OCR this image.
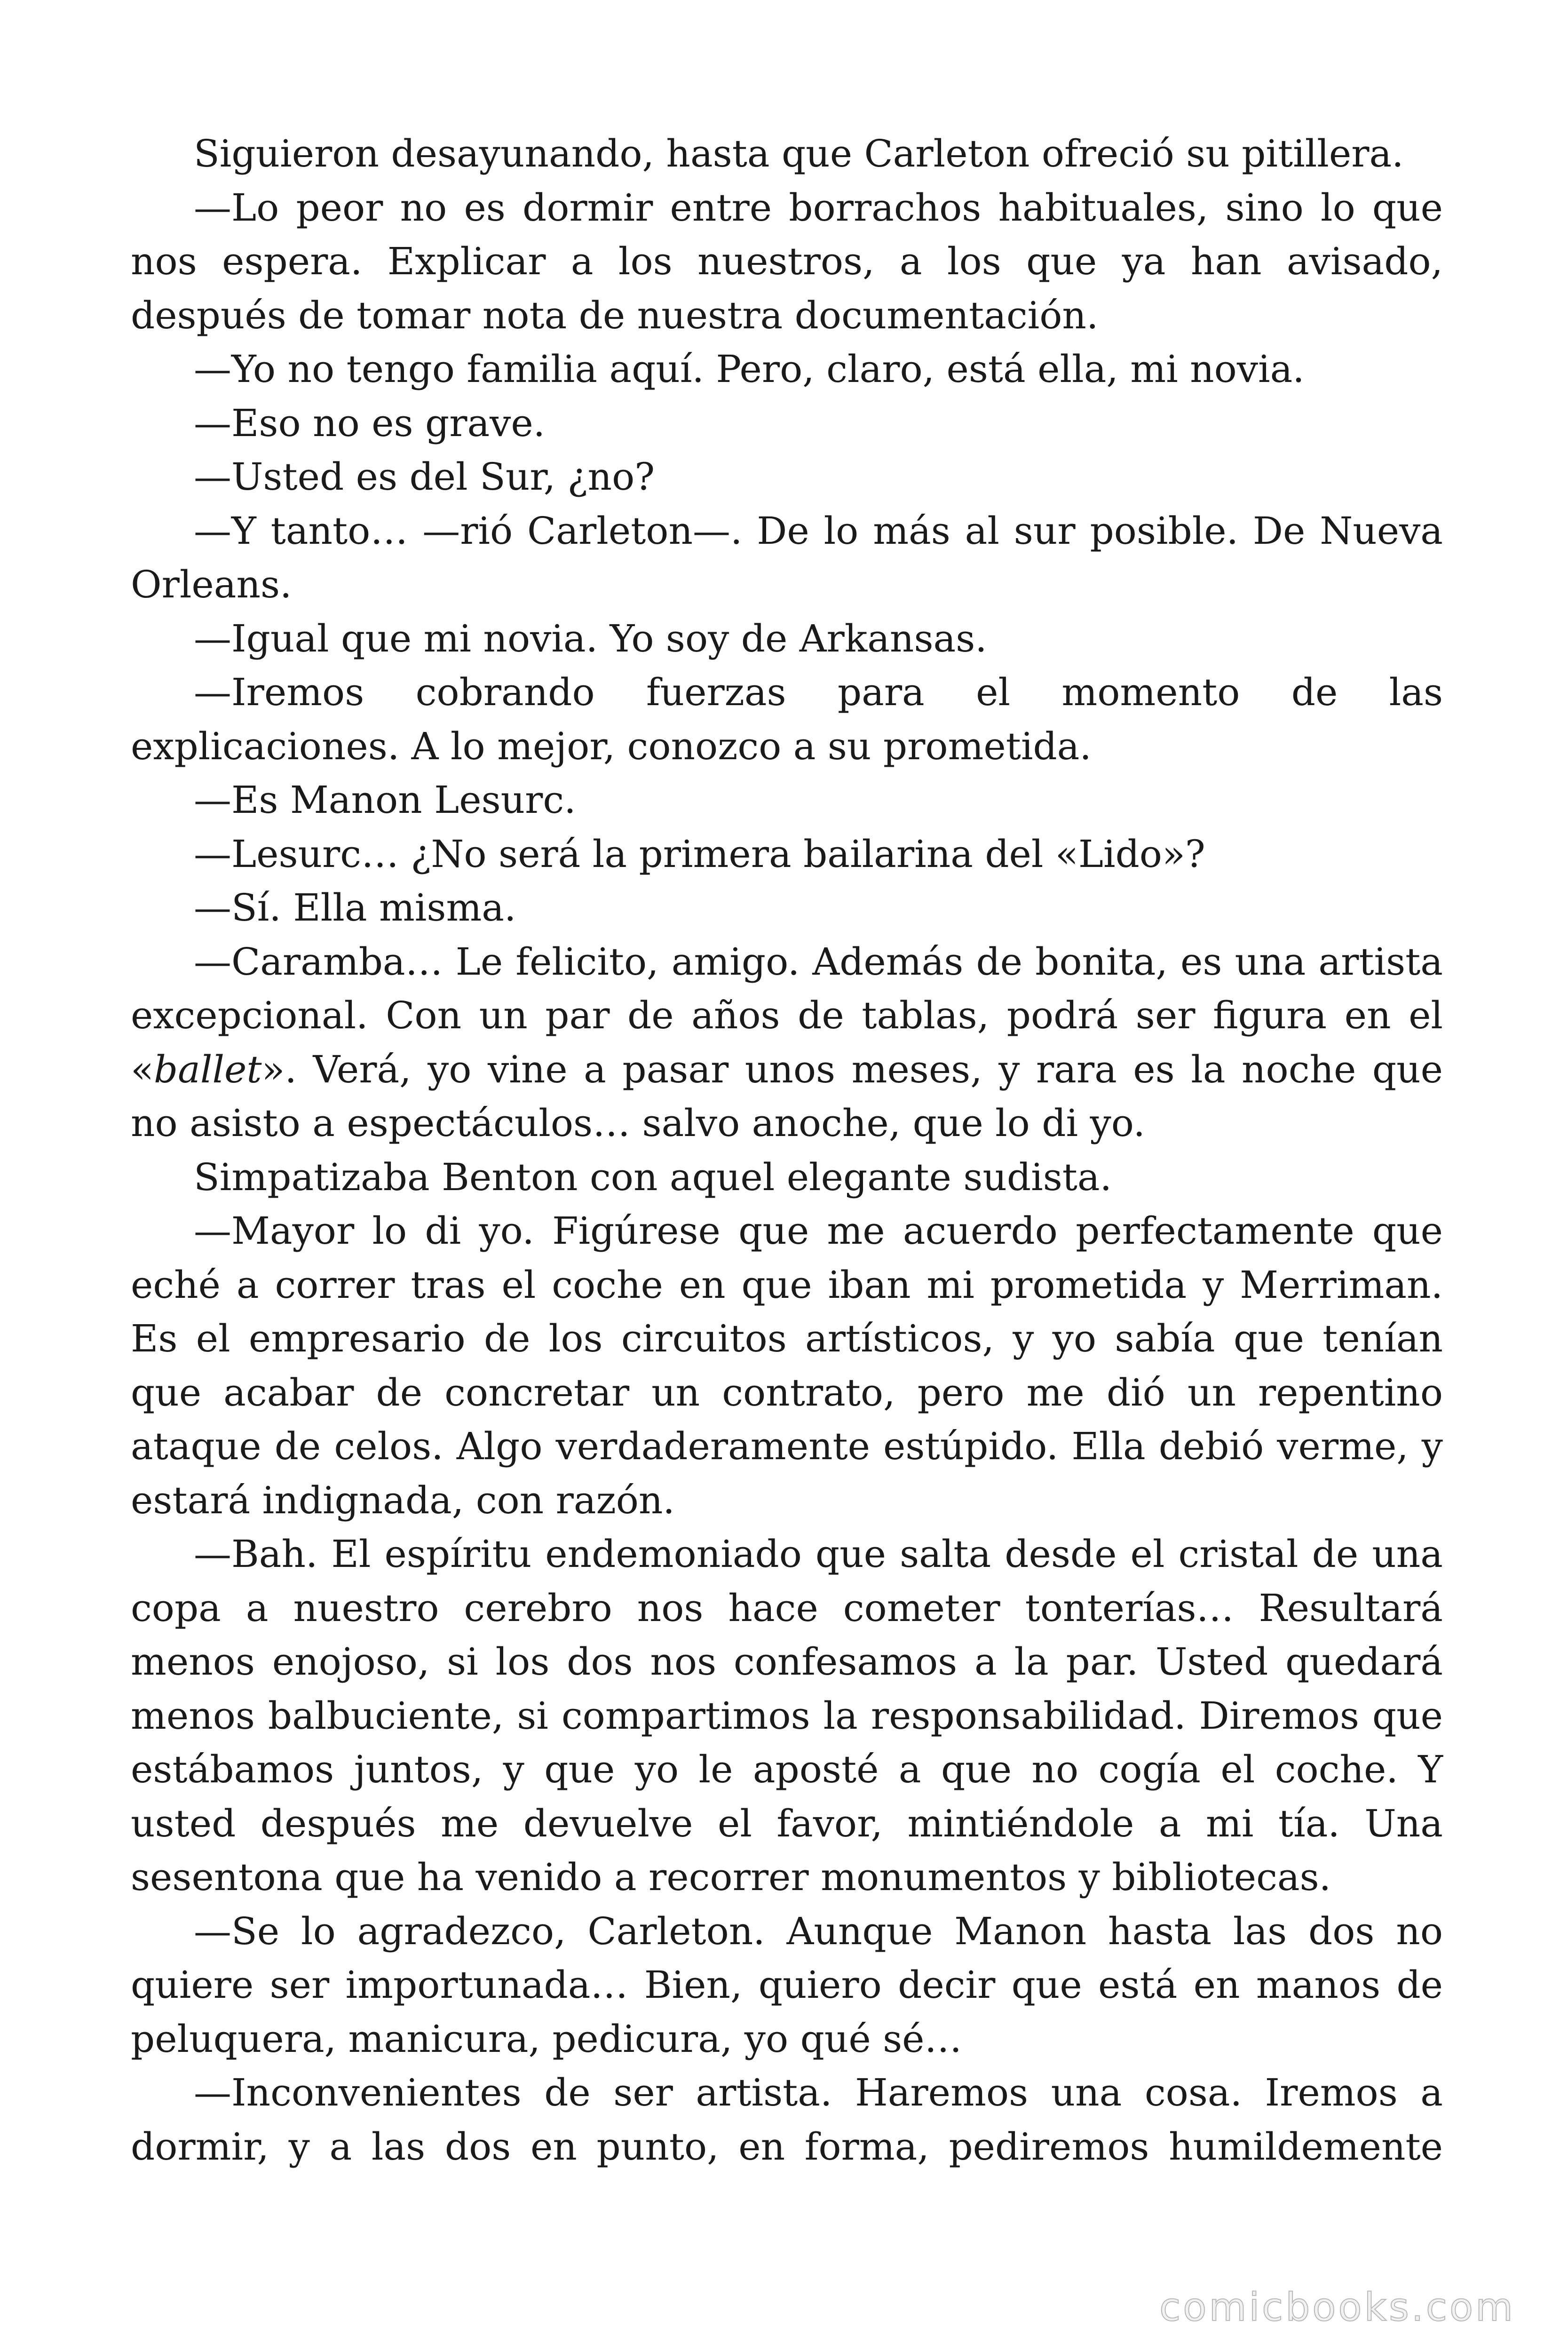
Siguieron desayunando, hasta que Carleton ofreció su pitillera.

—Lo peor no es dormir entre borrachos habituales, sino lo que nos espera. Explicar a los nuestros, a los que ya han avisado, después de tomar nota de nuestra documentación.

—Yo no tengo familia aquí. Pero, claro, está ella, mi novia.

—Eso no es grave.

—Usted es del Sur, ¿no?

—Y tanto… —rió Carleton—. De lo más al sur posible. De Nueva Orleans.

—Igual que mi novia. Yo soy de Arkansas.

—Iremos cobrando fuerzas para el momento de las explicaciones. A lo mejor, conozco a su prometida.

—Es Manon Lesurc.

—Lesurc… ¿No será la primera bailarina del «Lido»?

—Sí. Ella misma.

—Caramba… Le felicito, amigo. Además de bonita, es una artista excepcional. Con un par de años de tablas, podrá ser figura en el «ballet». Verá, yo vine a pasar unos meses, y rara es la noche que no asisto a espectáculos… salvo anoche, que lo di yo.

Simpatizaba Benton con aquel elegante sudista.

—Mayor lo di yo. Figúrese que me acuerdo perfectamente que eché a correr tras el coche en que iban mi prometida y Merriman. Es el empresario de los circuitos artísticos, y yo sabía que tenían que acabar de concretar un contrato, pero me dió un repentino ataque de celos. Algo verdaderamente estúpido. Ella debió verme, y estará indignada, con razón.

—Bah. El espíritu endemoniado que salta desde el cristal de una copa a nuestro cerebro nos hace cometer tonterías… Resultará menos enojoso, si los dos nos confesamos a la par. Usted quedará menos balbuciente, si compartimos la responsabilidad. Diremos que estábamos juntos, y que yo le aposté a que no cogía el coche. Y usted después me devuelve el favor, mintiéndole a mi tía. Una sesentona que ha venido a recorrer monumentos y bibliotecas.

—Se lo agradezco, Carleton. Aunque Manon hasta las dos no quiere ser importunada… Bien, quiero decir que está en manos de peluquera, manicura, pedicura, yo qué sé…

—Inconvenientes de ser artista. Haremos una cosa. Iremos a dormir, y a las dos en punto, en forma, pediremos humildemente

comicbooks.com
